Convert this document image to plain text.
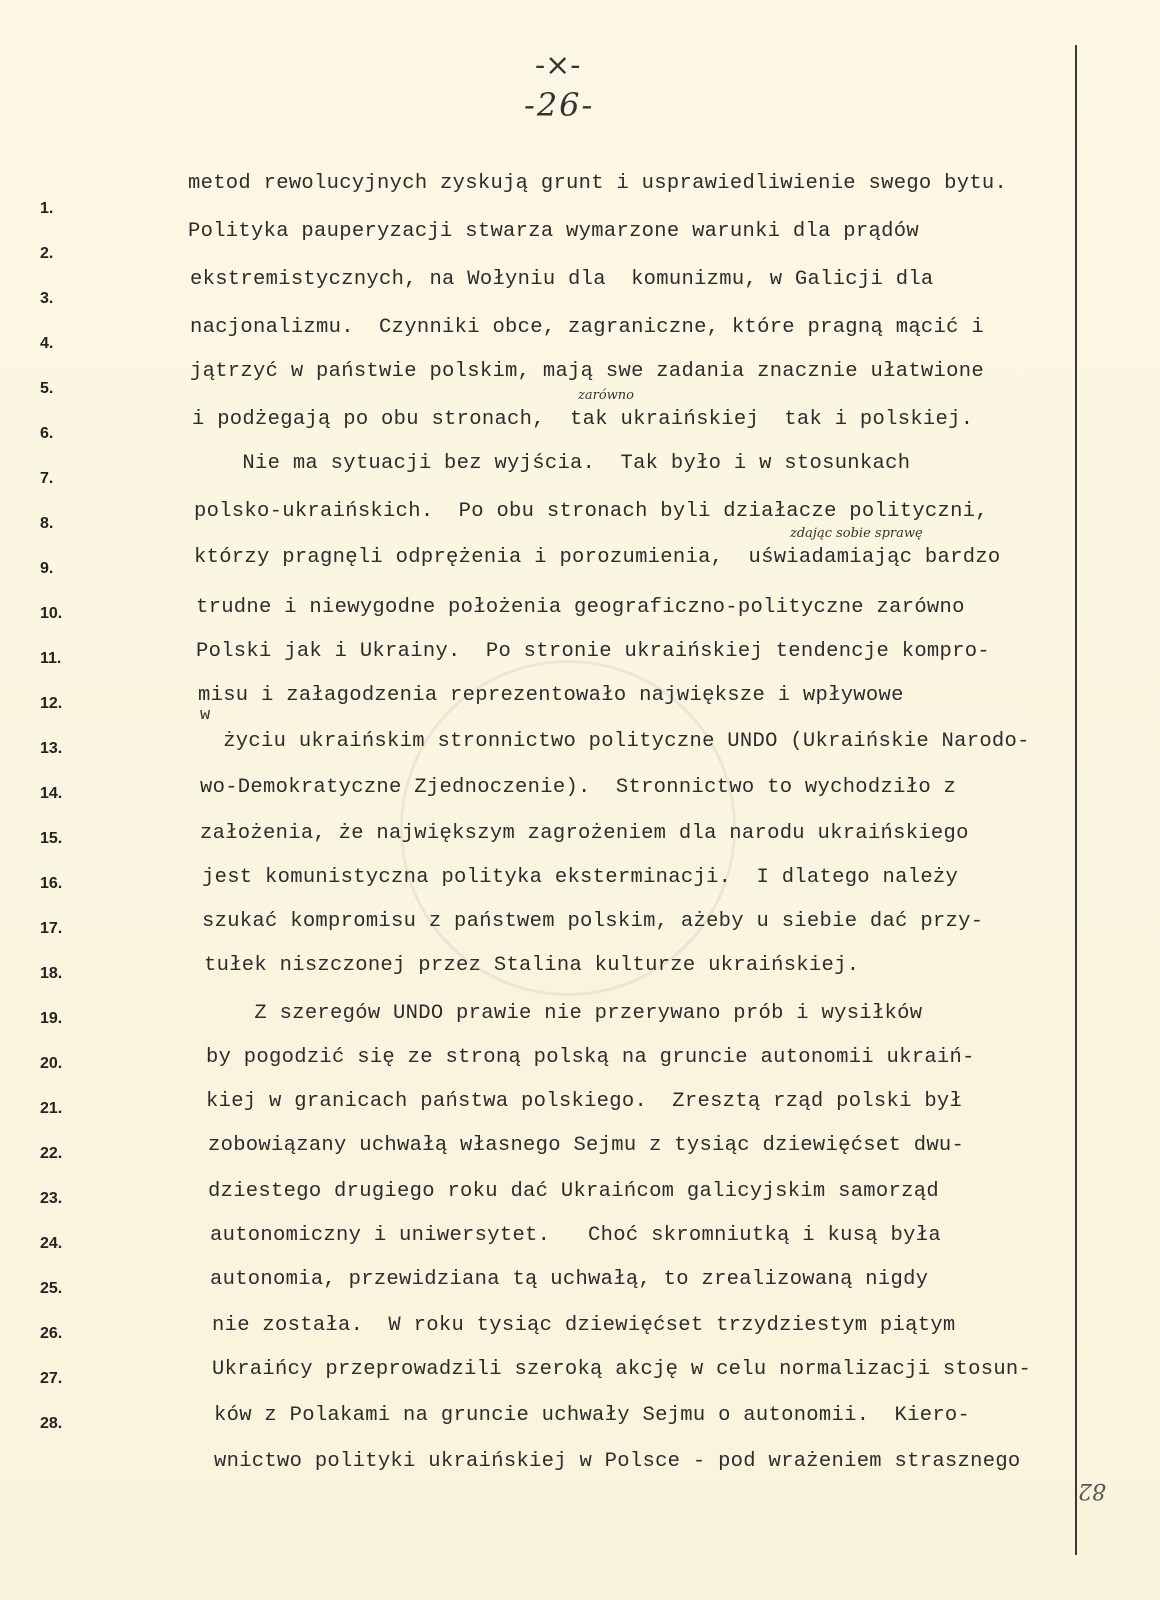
-×-
-26-
1.
2.
3.
4.
5.
6.
7.
8.
9.
10.
11.
12.
13.
14.
15.
16.
17.
18.
19.
20.
21.
22.
23.
24.
25.
26.
27.
28.
metod rewolucyjnych zyskują grunt i usprawiedliwienie swego bytu.
Polityka pauperyzacji stwarza wymarzone warunki dla prądów
ekstremistycznych, na Wołyniu dla  komunizmu, w Galicji dla
nacjonalizmu.  Czynniki obce, zagraniczne, które pragną mącić i
jątrzyć w państwie polskim, mają swe zadania znacznie ułatwione
i podżegają po obu stronach,  tak ukraińskiej  tak i polskiej.
Nie ma sytuacji bez wyjścia.  Tak było i w stosunkach
polsko-ukraińskich.  Po obu stronach byli działacze polityczni,
którzy pragnęli odprężenia i porozumienia,  uświadamiając bardzo
trudne i niewygodne położenia geograficzno-polityczne zarówno
Polski jak i Ukrainy.  Po stronie ukraińskiej tendencje kompro-
misu i załagodzenia reprezentowało największe i wpływowe
życiu ukraińskim stronnictwo polityczne UNDO (Ukraińskie Narodo-
wo-Demokratyczne Zjednoczenie).  Stronnictwo to wychodziło z
założenia, że największym zagrożeniem dla narodu ukraińskiego
jest komunistyczna polityka eksterminacji.  I dlatego należy
szukać kompromisu z państwem polskim, ażeby u siebie dać przy-
tułek niszczonej przez Stalina kulturze ukraińskiej.
Z szeregów UNDO prawie nie przerywano prób i wysiłków
by pogodzić się ze stroną polską na gruncie autonomii ukraiń-
kiej w granicach państwa polskiego.  Zresztą rząd polski był
zobowiązany uchwałą własnego Sejmu z tysiąc dziewięćset dwu-
dziestego drugiego roku dać Ukraińcom galicyjskim samorząd
autonomiczny i uniwersytet.   Choć skromniutką i kusą była
autonomia, przewidziana tą uchwałą, to zrealizowaną nigdy
nie została.  W roku tysiąc dziewięćset trzydziestym piątym
Ukraińcy przeprowadzili szeroką akcję w celu normalizacji stosun-
ków z Polakami na gruncie uchwały Sejmu o autonomii.  Kiero-
wnictwo polityki ukraińskiej w Polsce - pod wrażeniem strasznego
zarówno
zdając sobie sprawę
w
82
